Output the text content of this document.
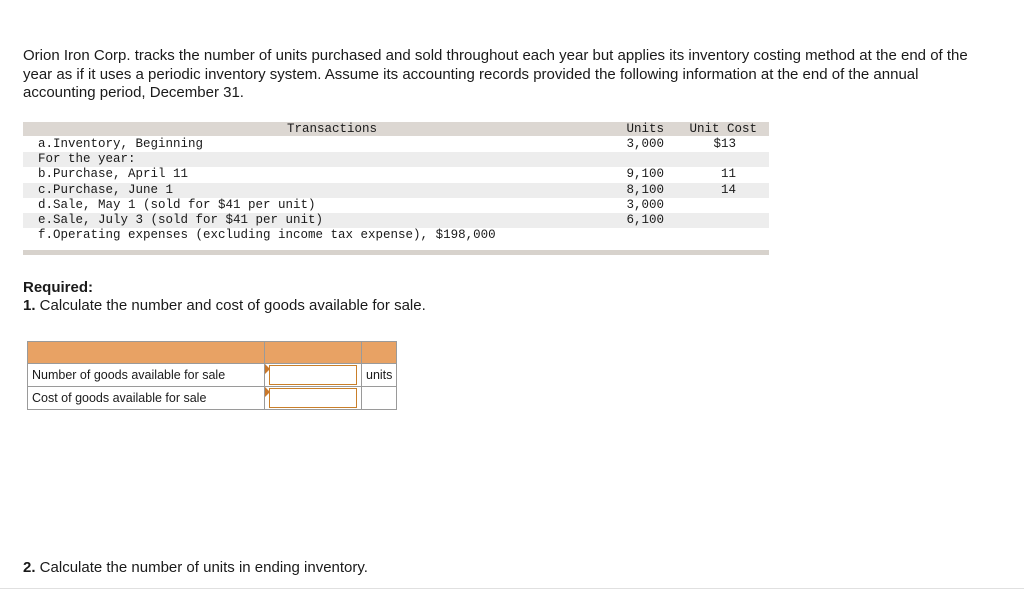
Orion Iron Corp. tracks the number of units purchased and sold throughout each year but applies its inventory costing method at the end of the year as if it uses a periodic inventory system. Assume its accounting records provided the following information at the end of the annual accounting period, December 31.
Transactions	Units	Unit Cost
a.Inventory, Beginning	3,000	$13
For the year:
b.Purchase, April 11	9,100	11
c.Purchase, June 1	8,100	14
d.Sale, May 1 (sold for $41 per unit)	3,000
e.Sale, July 3 (sold for $41 per unit)	6,100
f.Operating expenses (excluding income tax expense), $198,000
Required:
1. Calculate the number and cost of goods available for sale.

Number of goods available for sale		units
Cost of goods available for sale	

2. Calculate the number of units in ending inventory.
